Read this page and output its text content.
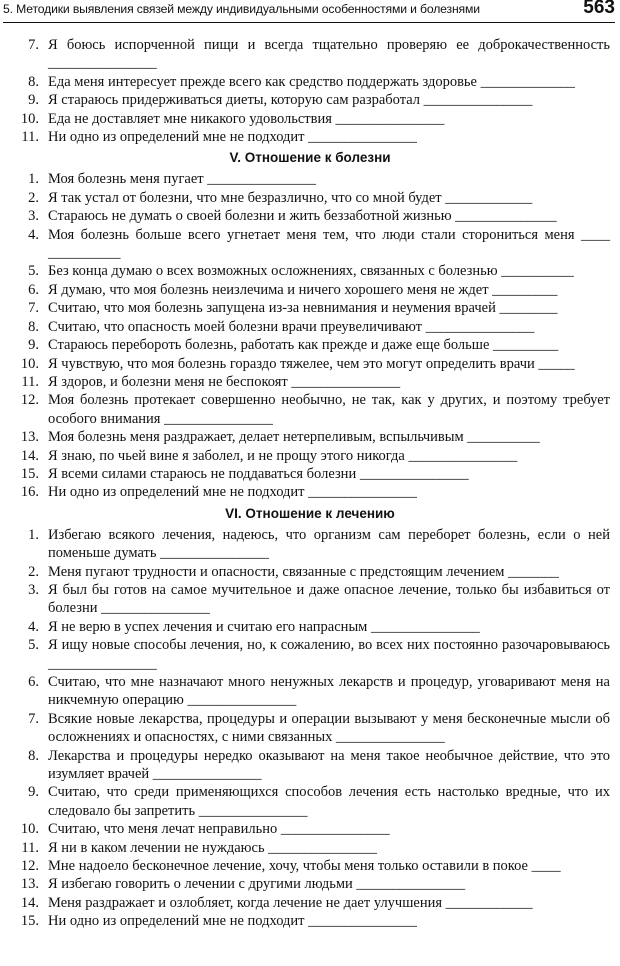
5. Методики выявления связей между индивидуальными особенностями и болезнями	563
7. Я боюсь испорченной пищи и всегда тщательно проверяю ее доброкачественность _______________
8. Еда меня интересует прежде всего как средство поддержать здоровье _____________
9. Я стараюсь придерживаться диеты, которую сам разработал _______________
10. Еда не доставляет мне никакого удовольствия _______________
11. Ни одно из определений мне не подходит _______________
V. Отношение к болезни
1. Моя болезнь меня пугает _______________
2. Я так устал от болезни, что мне безразлично, что со мной будет ____________
3. Стараюсь не думать о своей болезни и жить беззаботной жизнью ______________
4. Моя болезнь больше всего угнетает меня тем, что люди стали сторониться меня ____ __________
5. Без конца думаю о всех возможных осложнениях, связанных с болезнью __________
6. Я думаю, что моя болезнь неизлечима и ничего хорошего меня не ждет _________
7. Считаю, что моя болезнь запущена из-за невнимания и неумения врачей ________
8. Считаю, что опасность моей болезни врачи преувеличивают _______________
9. Стараюсь перебороть болезнь, работать как прежде и даже еще больше _________
10. Я чувствую, что моя болезнь гораздо тяжелее, чем это могут определить врачи _____
11. Я здоров, и болезни меня не беспокоят _______________
12. Моя болезнь протекает совершенно необычно, не так, как у других, и поэтому требует особого внимания _______________
13. Моя болезнь меня раздражает, делает нетерпеливым, вспыльчивым __________
14. Я знаю, по чьей вине я заболел, и не прощу этого никогда _______________
15. Я всеми силами стараюсь не поддаваться болезни _______________
16. Ни одно из определений мне не подходит _______________
VI. Отношение к лечению
1. Избегаю всякого лечения, надеюсь, что организм сам переборет болезнь, если о ней поменьше думать _______________
2. Меня пугают трудности и опасности, связанные с предстоящим лечением _______
3. Я был бы готов на самое мучительное и даже опасное лечение, только бы избавиться от болезни _______________
4. Я не верю в успех лечения и считаю его напрасным _______________
5. Я ищу новые способы лечения, но, к сожалению, во всех них постоянно разочаровываюсь _______________
6. Считаю, что мне назначают много ненужных лекарств и процедур, уговаривают меня на никчемную операцию _______________
7. Всякие новые лекарства, процедуры и операции вызывают у меня бесконечные мысли об осложнениях и опасностях, с ними связанных _______________
8. Лекарства и процедуры нередко оказывают на меня такое необычное действие, что это изумляет врачей _______________
9. Считаю, что среди применяющихся способов лечения есть настолько вредные, что их следовало бы запретить _______________
10. Считаю, что меня лечат неправильно _______________
11. Я ни в каком лечении не нуждаюсь _______________
12. Мне надоело бесконечное лечение, хочу, чтобы меня только оставили в покое ____
13. Я избегаю говорить о лечении с другими людьми _______________
14. Меня раздражает и озлобляет, когда лечение не дает улучшения ____________
15. Ни одно из определений мне не подходит _______________
